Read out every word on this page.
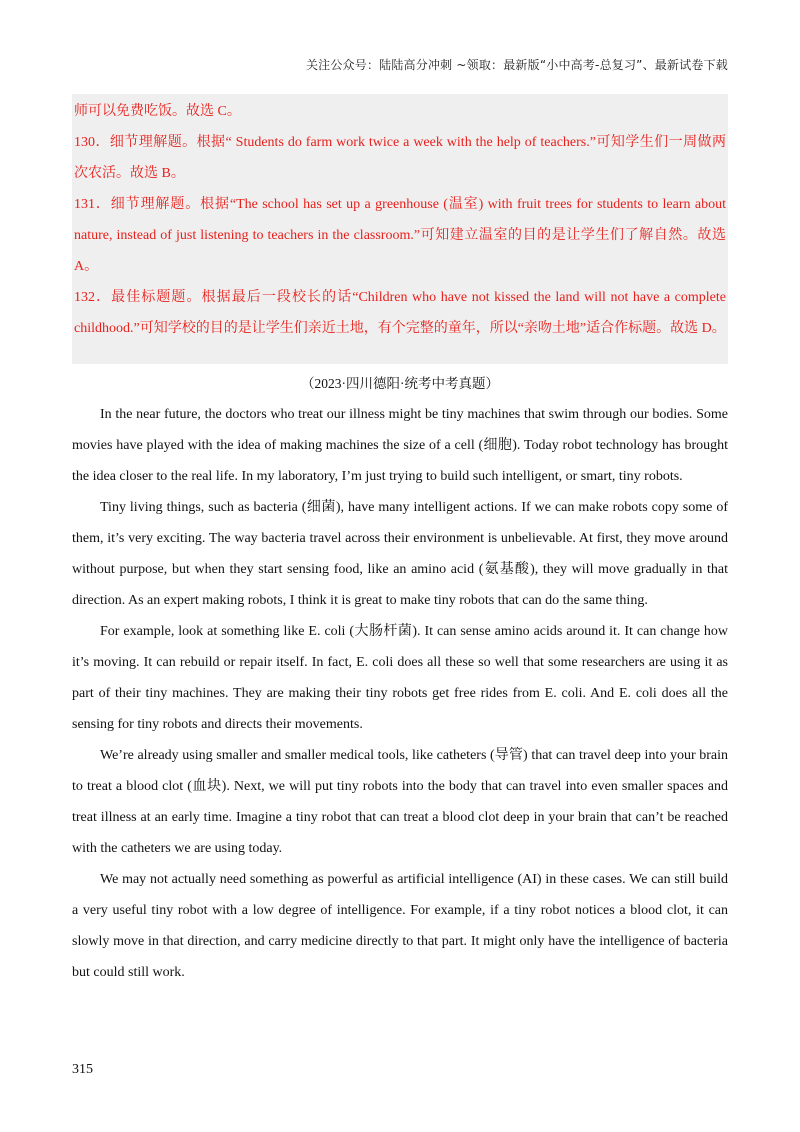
关注公众号：陆陆高分冲刺 ~领取：最新版“小中高考-总复习”、最新试卷下载

师可以免费吃饭。故选 C。

130．细节理解题。根据“ Students do farm work twice a week with the help of teachers.”可知学生们一周做两次农活。故选 B。

131．细节理解题。根据“The school has set up a greenhouse (温室) with fruit trees for students to learn about nature, instead of just listening to teachers in the classroom.”可知建立温室的目的是让学生们了解自然。故选 A。

132．最佳标题题。根据最后一段校长的话“Children who have not kissed the land will not have a complete childhood.”可知学校的目的是让学生们亲近土地，有个完整的童年，所以“亲吻土地”适合作标题。故选 D。

（2023·四川德阳·统考中考真题）

In the near future, the doctors who treat our illness might be tiny machines that swim through our bodies. Some movies have played with the idea of making machines the size of a cell (细胞). Today robot technology has brought the idea closer to the real life. In my laboratory, I’m just trying to build such intelligent, or smart, tiny robots.

Tiny living things, such as bacteria (细菌), have many intelligent actions. If we can make robots copy some of them, it’s very exciting. The way bacteria travel across their environment is unbelievable. At first, they move around without purpose, but when they start sensing food, like an amino acid (氨基酸), they will move gradually in that direction. As an expert making robots, I think it is great to make tiny robots that can do the same thing.

For example, look at something like E. coli (大肠杆菌). It can sense amino acids around it. It can change how it’s moving. It can rebuild or repair itself. In fact, E. coli does all these so well that some researchers are using it as part of their tiny machines. They are making their tiny robots get free rides from E. coli. And E. coli does all the sensing for tiny robots and directs their movements.

We’re already using smaller and smaller medical tools, like catheters (导管) that can travel deep into your brain to treat a blood clot (血块). Next, we will put tiny robots into the body that can travel into even smaller spaces and treat illness at an early time. Imagine a tiny robot that can treat a blood clot deep in your brain that can’t be reached with the catheters we are using today.

We may not actually need something as powerful as artificial intelligence (AI) in these cases. We can still build a very useful tiny robot with a low degree of intelligence. For example, if a tiny robot notices a blood clot, it can slowly move in that direction, and carry medicine directly to that part. It might only have the intelligence of bacteria but could still work.

315
